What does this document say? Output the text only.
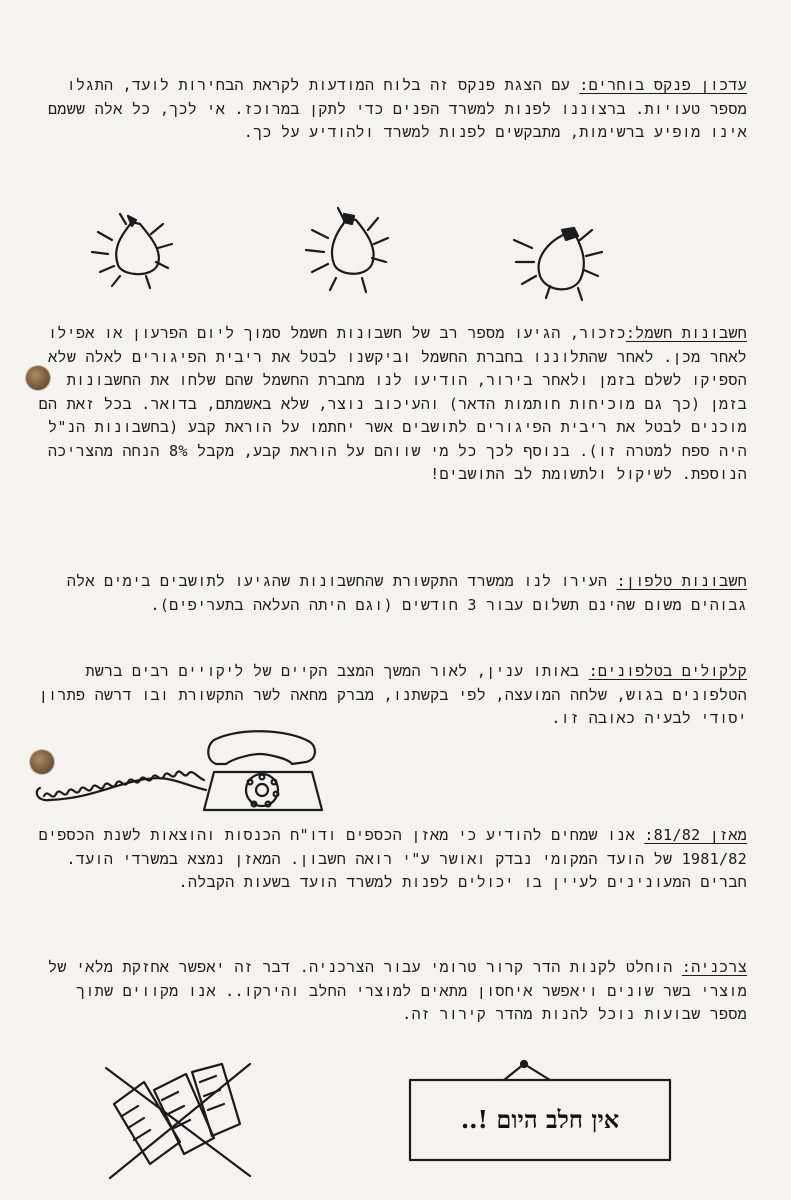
עדכון פנקס בוחרים: עם הצגת פנקס זה בלוח המודעות לקראת הבחירות לועד, התגלו מספר טעויות. ברצוננו לפנות למשרד הפנים כדי לתקן במרוכז. אי לכך, כל אלה ששמם אינו מופיע ברשימות, מתבקשים לפנות למשרד ולהודיע על כך.
חשבונות חשמל:כזכור, הגיעו מספר רב של חשבונות חשמל סמוך ליום הפרעון או אפילו לאחר מכן. לאחר שהתלוננו בחברת החשמל וביקשנו לבטל את ריבית הפיגורים לאלה שלא הספיקו לשלם בזמן ולאחר בירור, הודיעו לנו מחברת החשמל שהם שלחו את החשבונות בזמן (כך גם מוכיחות חותמות הדאר) והעיכוב נוצר, שלא באשמתם, בדואר. בכל זאת הם מוכנים לבטל את ריבית הפיגורים לתושבים אשר יחתמו על הוראת קבע (בחשבונות הנ"ל היה ספח למטרה זו). בנוסף לכך כל מי שווהם על הוראת קבע, מקבל 8% הנחה מהצריכה הנוספת. לשיקול ולתשומת לב התושבים!
חשבונות טלפון: העירו לנו ממשרד התקשורת שהחשבונות שהגיעו לתושבים בימים אלה גבוהים משום שהינם תשלום עבור 3 חודשים (וגם היתה העלאה בתעריפים).
קלקולים בטלפונים: באותו ענין, לאור המשך המצב הקיים של ליקויים רבים ברשת הטלפונים בגוש, שלחה המועצה, לפי בקשתנו, מברק מחאה לשר התקשורת ובו דרשה פתרון יסודי לבעיה כאובה זו.
מאזן 81/82: אנו שמחים להודיע כי מאזן הכספים ודו"ח הכנסות והוצאות לשנת הכספים 1981/82 של הועד המקומי נבדק ואושר ע"י רואה חשבון. המאזן נמצא במשרדי הועד. חברים המעונינים לעיין בו יכולים לפנות למשרד הועד בשעות הקבלה.
צרכניה: הוחלט לקנות הדר קרור טרומי עבור הצרכניה. דבר זה יאפשר אחזקת מלאי של מוצרי בשר שונים ויאפשר איחסון מתאים למוצרי החלב והירקו.. אנו מקווים שתוך מספר שבועות נוכל להנות מהדר קירור זה.
אין חלב היום !..
